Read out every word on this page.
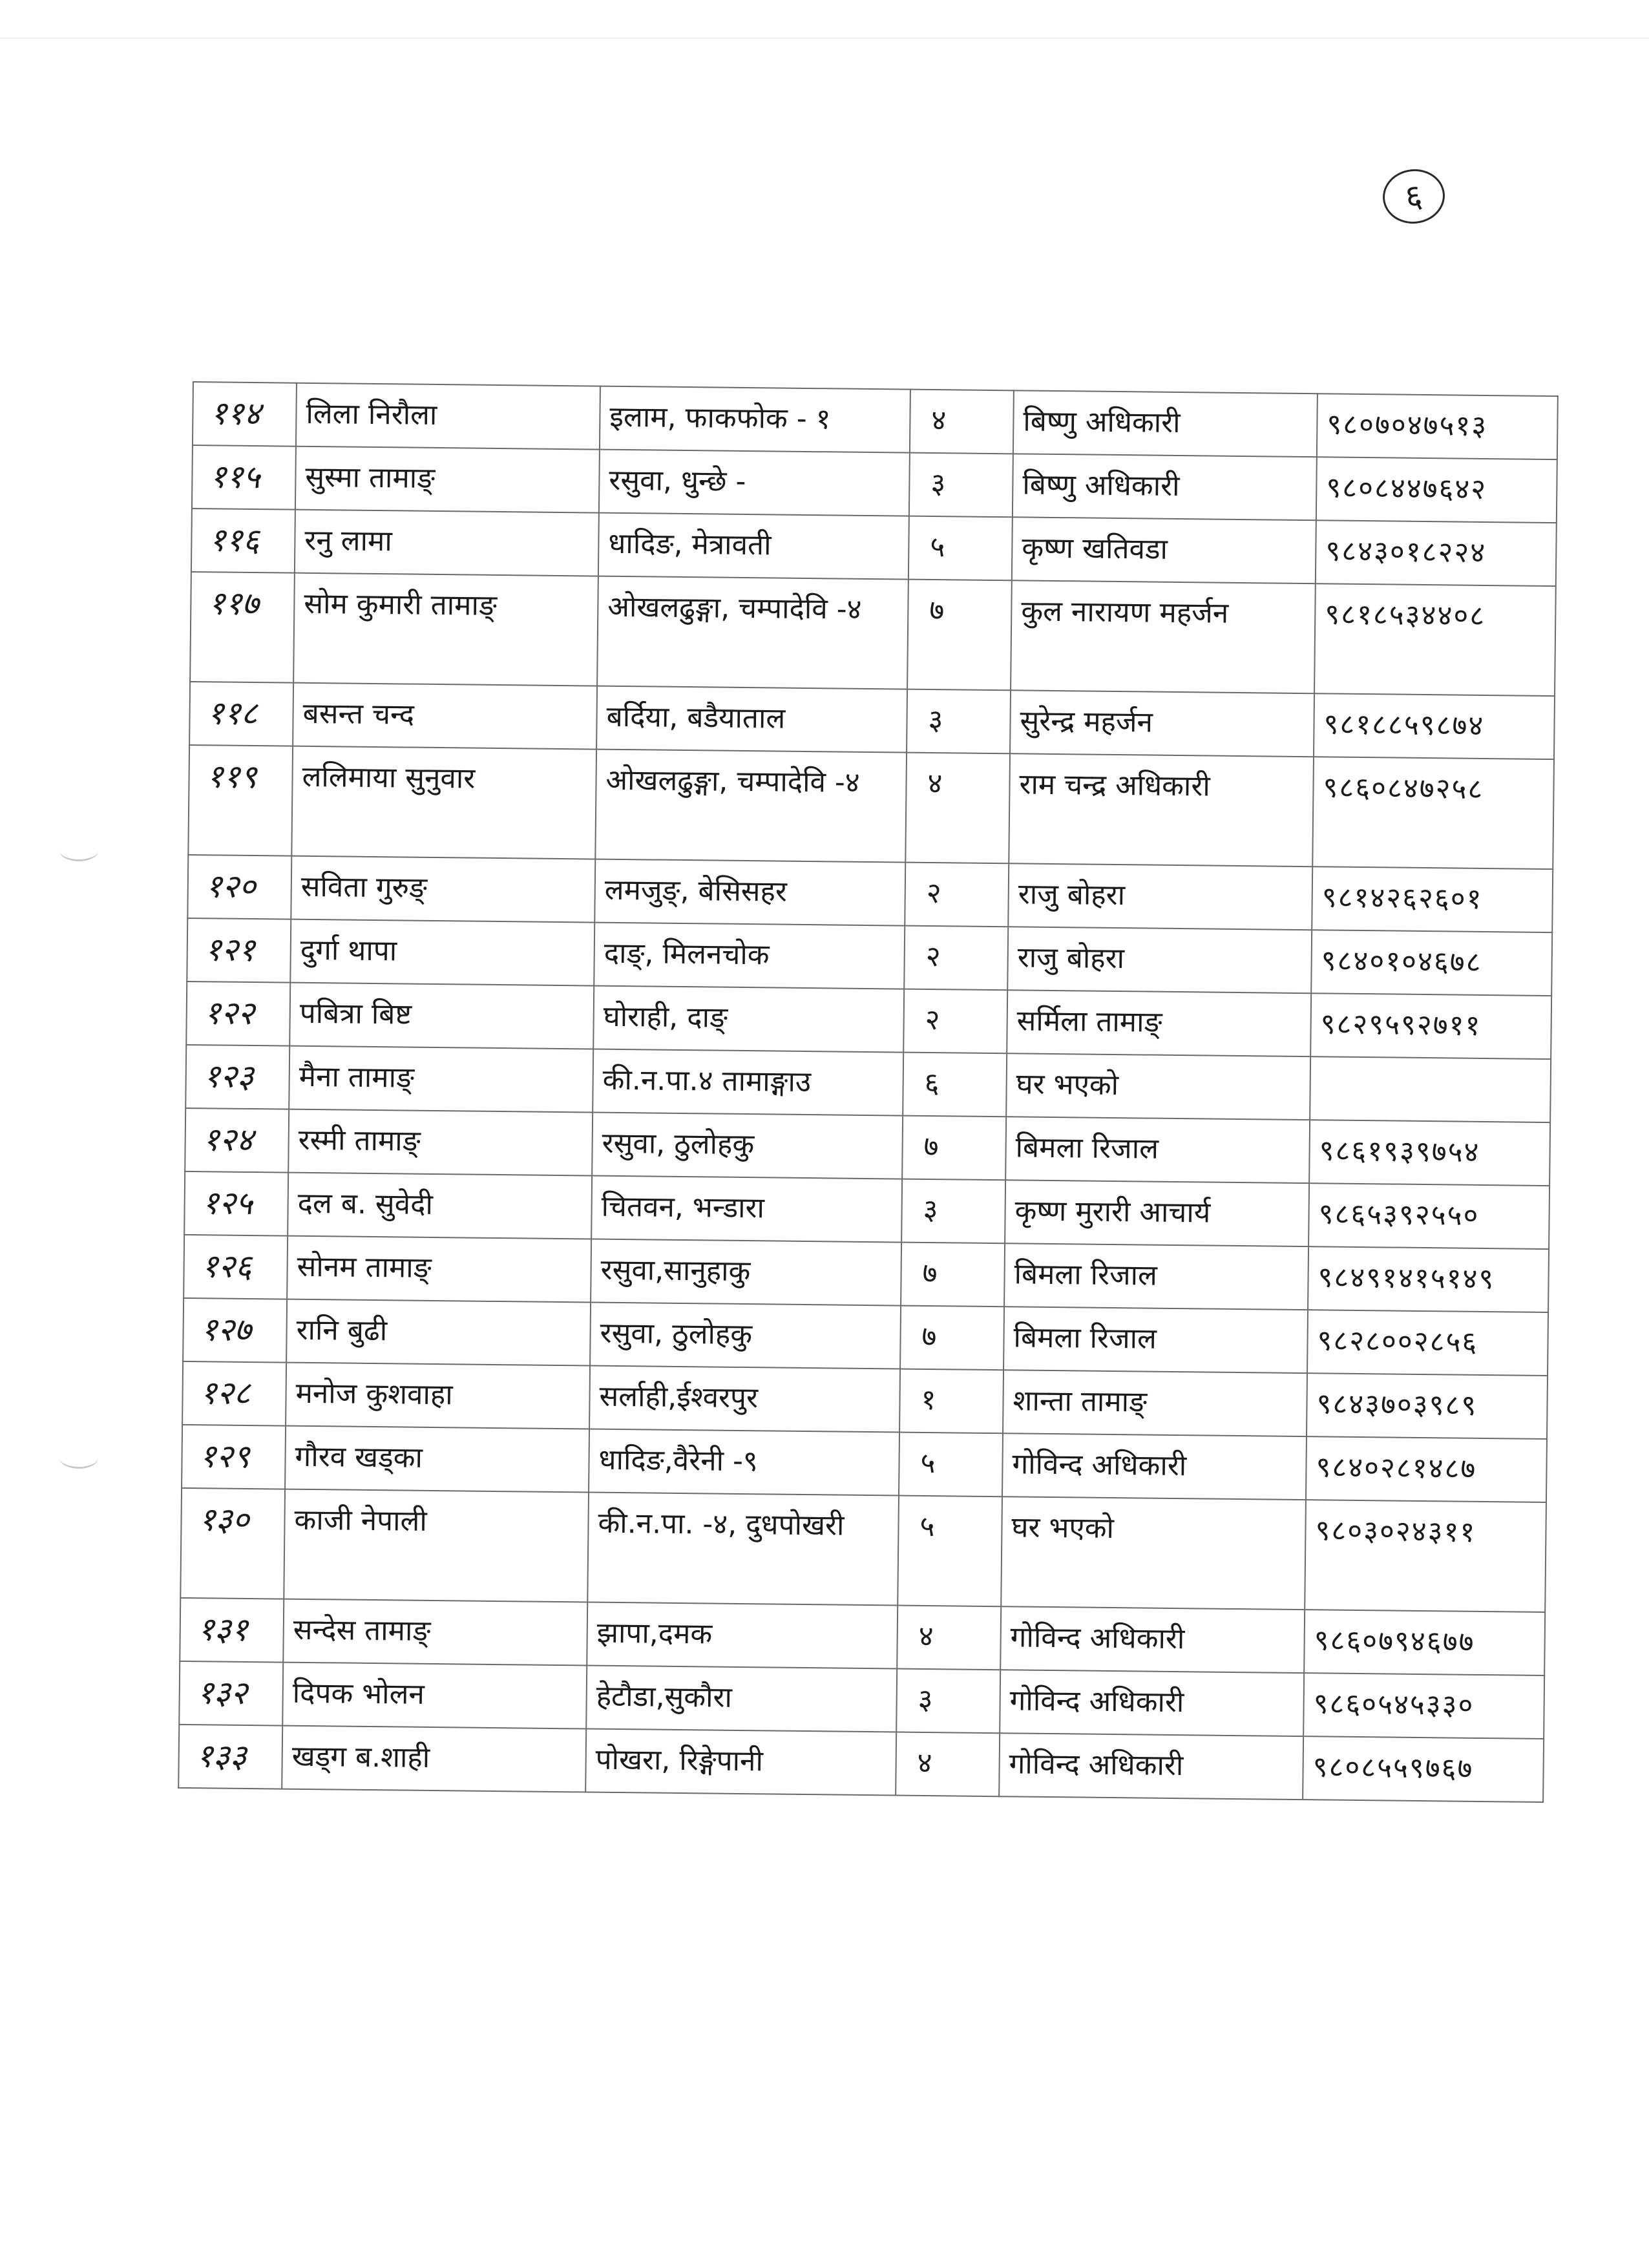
६
११४	लिला निरौला	इलाम, फाकफोक - १	४	बिष्णु अधिकारी	९८०७०४७५१३
११५	सुस्मा तामाङ्	रसुवा, धुन्छे -	३	बिष्णु अधिकारी	९८०८४४७६४२
११६	रनु लामा	धादिङ, मेत्रावती	५	कृष्ण खतिवडा	९८४३०१८२२४
११७	सोम कुमारी तामाङ्	ओखलढुङ्गा, चम्पादेवि -४	७	कुल नारायण महर्जन	९८१८५३४४०८
११८	बसन्त चन्द	बर्दिया, बडैयाताल	३	सुरेन्द्र महर्जन	९८१८८५९८७४
११९	ललिमाया सुनुवार	ओखलढुङ्गा, चम्पादेवि -४	४	राम चन्द्र अधिकारी	९८६०८४७२५८
१२०	सविता गुरुङ्	लमजुङ्, बेसिसहर	२	राजु बोहरा	९८१४२६२६०१
१२१	दुर्गा थापा	दाङ्, मिलनचोक	२	राजु बोहरा	९८४०१०४६७८
१२२	पबित्रा बिष्ट	घोराही, दाङ्	२	सर्मिला तामाङ्	९८२९५९२७११
१२३	मैना तामाङ्	की.न.पा.४ तामाङ्गाउ	६	घर भएको	
१२४	रस्मी तामाङ्	रसुवा, ठुलोहकु	७	बिमला रिजाल	९८६१९३९७५४
१२५	दल ब. सुवेदी	चितवन, भन्डारा	३	कृष्ण मुरारी आचार्य	९८६५३९२५५०
१२६	सोनम तामाङ्	रसुवा,सानुहाकु	७	बिमला रिजाल	९८४९१४१५१४९
१२७	रानि बुढी	रसुवा, ठुलोहकु	७	बिमला रिजाल	९८२८००२८५६
१२८	मनोज कुशवाहा	सर्लाही,ईश्वरपुर	१	शान्ता तामाङ्	९८४३७०३९८९
१२९	गौरव खड्का	धादिङ,वैरेनी -९	५	गोविन्द अधिकारी	९८४०२८१४८७
१३०	काजी नेपाली	की.न.पा. -४, दुधपोखरी	५	घर भएको	९८०३०२४३११
१३१	सन्देस तामाङ्	झापा,दमक	४	गोविन्द अधिकारी	९८६०७९४६७७
१३२	दिपक भोलन	हेटौडा,सुकौरा	३	गोविन्द अधिकारी	९८६०५४५३३०
१३३	खड्ग ब.शाही	पोखरा, रिङ्गेपानी	४	गोविन्द अधिकारी	९८०८५५९७६७
